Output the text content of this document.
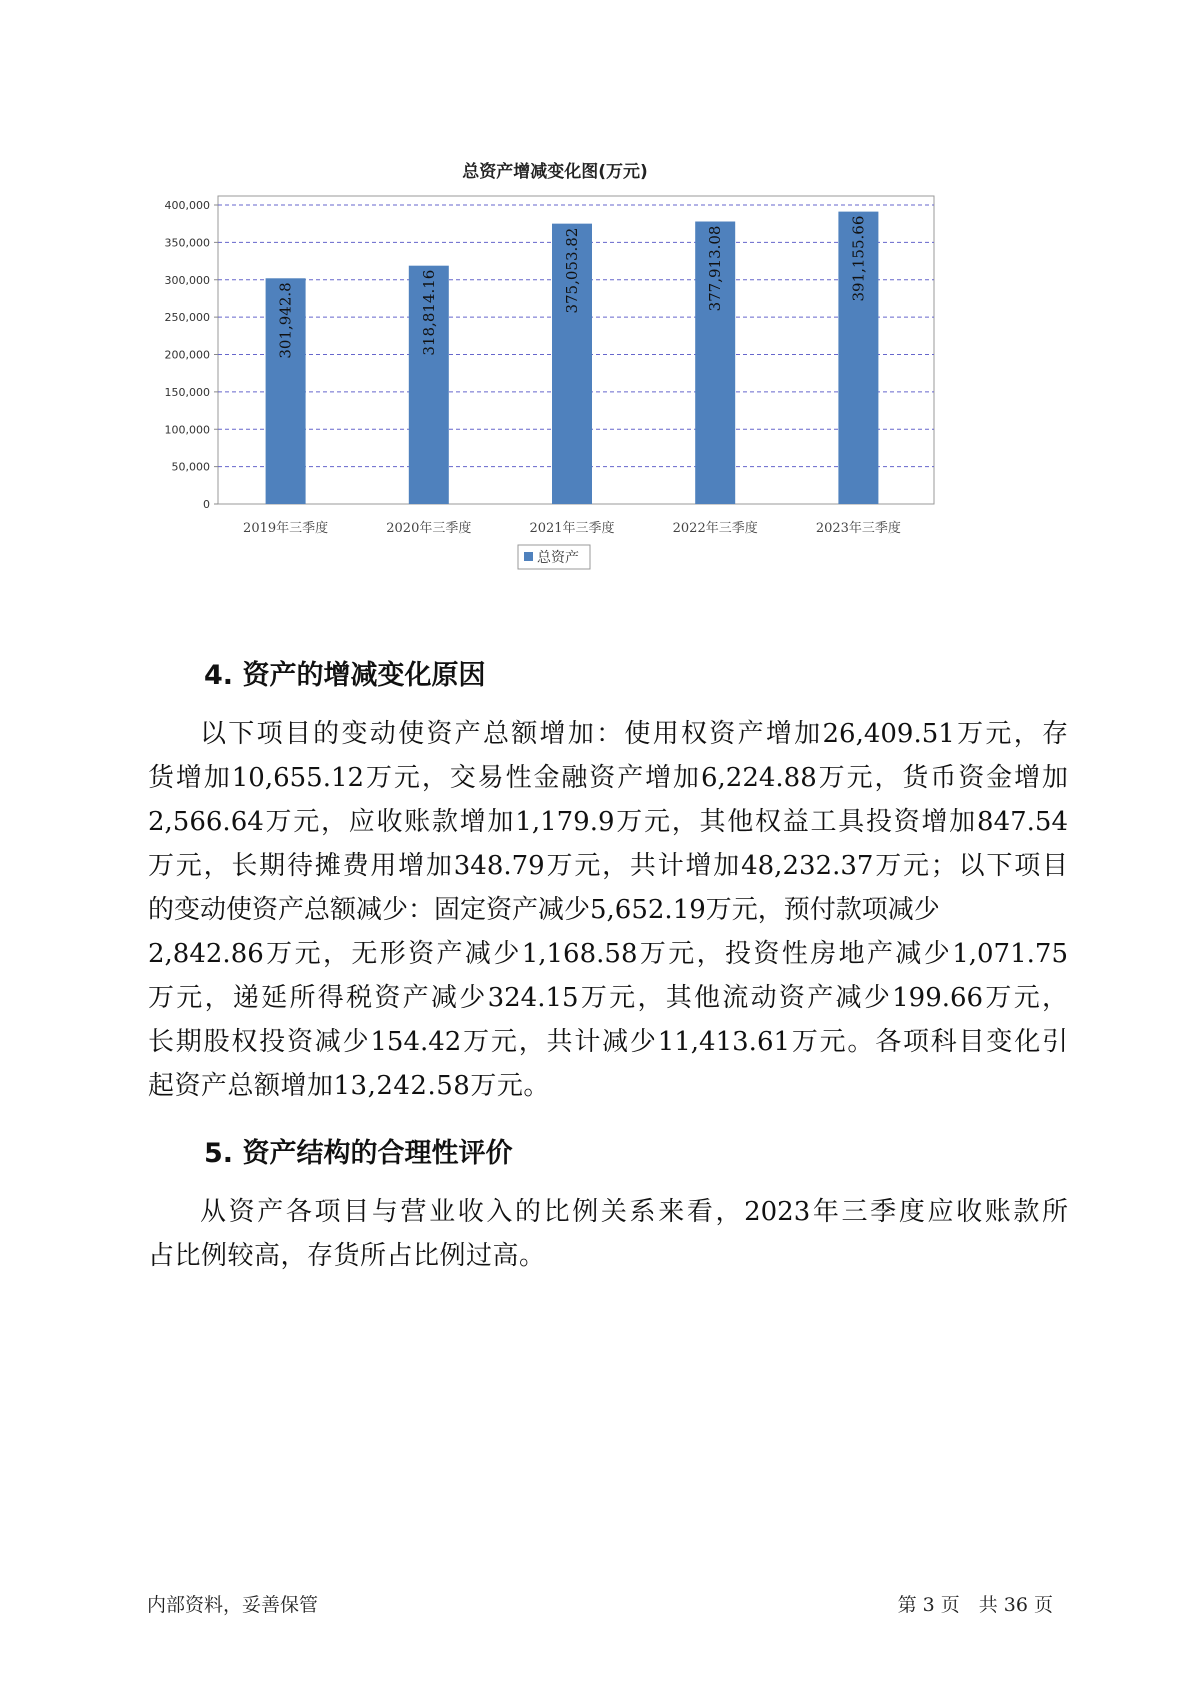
总资产增减变化图(万元)
0
50,000
100,000
150,000
200,000
250,000
300,000
350,000
400,000
301,942.8	318,814.16	375,053.82	377,913.08	391,155.66
2019年三季度	2020年三季度	2021年三季度	2022年三季度	2023年三季度
总资产
4. 资产的增减变化原因
以下项目的变动使资产总额增加：使用权资产增加26,409.51万元，存
货增加10,655.12万元，交易性金融资产增加6,224.88万元，货币资金增加
2,566.64万元，应收账款增加1,179.9万元，其他权益工具投资增加847.54
万元，长期待摊费用增加348.79万元，共计增加48,232.37万元；以下项目
的变动使资产总额减少：固定资产减少5,652.19万元，预付款项减少
2,842.86万元，无形资产减少1,168.58万元，投资性房地产减少1,071.75
万元，递延所得税资产减少324.15万元，其他流动资产减少199.66万元，
长期股权投资减少154.42万元，共计减少11,413.61万元。各项科目变化引
起资产总额增加13,242.58万元。
5. 资产结构的合理性评价
从资产各项目与营业收入的比例关系来看，2023年三季度应收账款所
占比例较高，存货所占比例过高。
内部资料，妥善保管	第 3 页　共 36 页
